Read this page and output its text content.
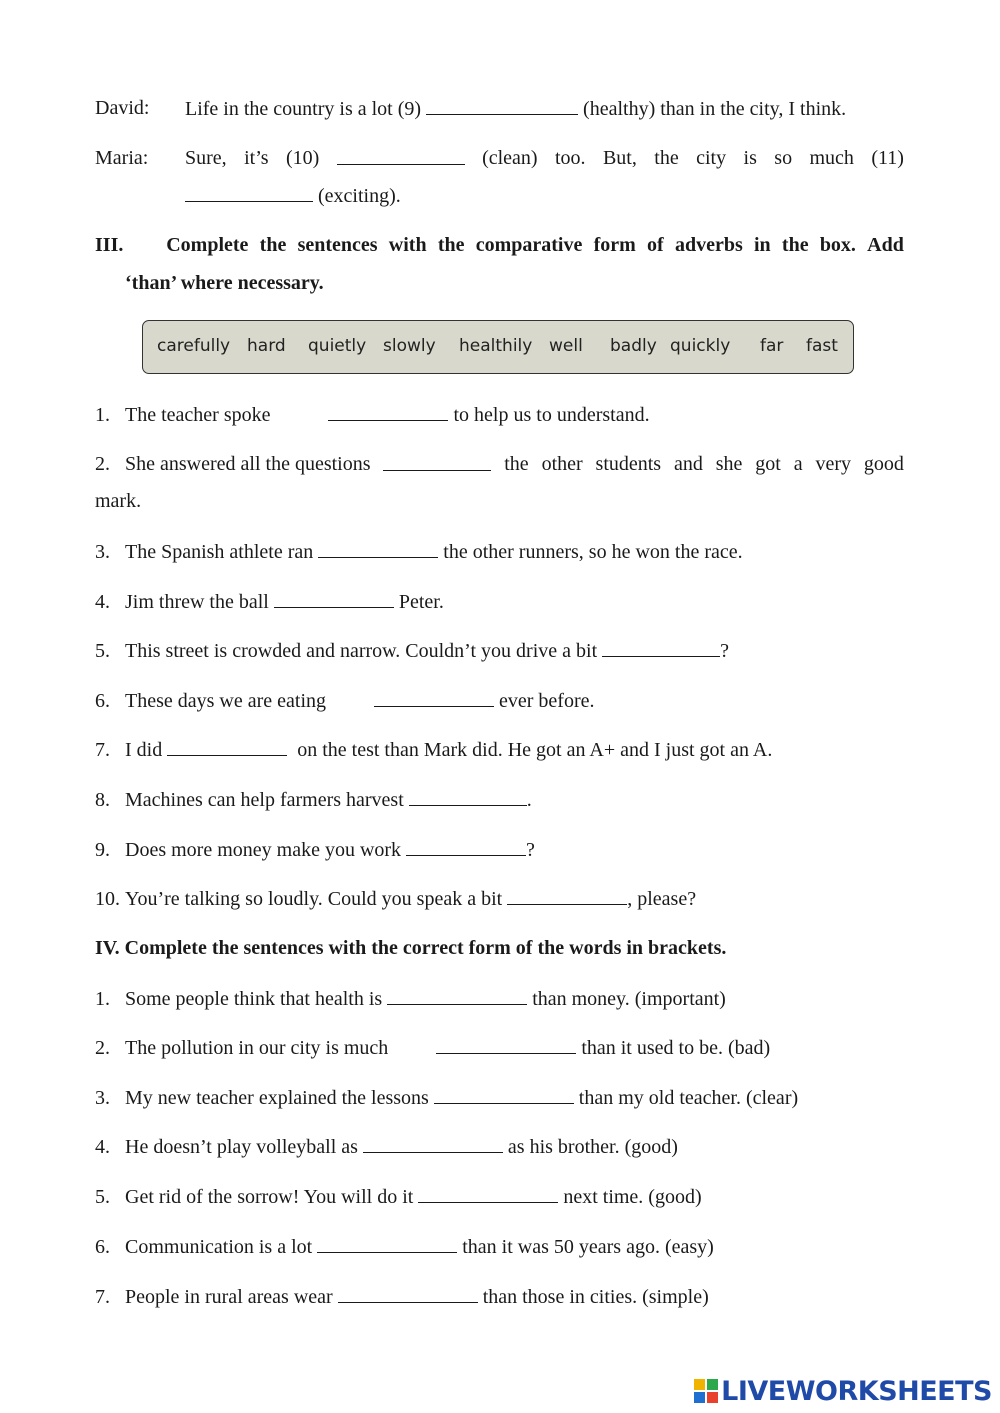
David: Life in the country is a lot (9)	(healthy) than in the city, I think.
Maria: Sure, it’s (10)	(clean) too. But, the city is so much (11)
(exciting).
III.	Complete the sentences with the comparative form of adverbs in the box. Add
‘than’ where necessary.
carefully hard quietly slowly healthily well badly quickly far fast
1. The teacher spoke	to help us to understand.
2. She answered all the questions	the other students and she got a very good
mark.
3. The Spanish athlete ran	the other runners, so he won the race.
4. Jim threw the ball	Peter.
5. This street is crowded and narrow. Couldn’t you drive a bit	?
6. These days we are eating	ever before.
7. I did	on the test than Mark did. He got an A+ and I just got an A.
8. Machines can help farmers harvest	.
9. Does more money make you work	?
10. You’re talking so loudly. Could you speak a bit	, please?
IV. Complete the sentences with the correct form of the words in brackets.
1. Some people think that health is	than money. (important)
2. The pollution in our city is much	than it used to be. (bad)
3. My new teacher explained the lessons	than my old teacher. (clear)
4. He doesn’t play volleyball as	as his brother. (good)
5. Get rid of the sorrow! You will do it	next time. (good)
6. Communication is a lot	than it was 50 years ago. (easy)
7. People in rural areas wear	than those in cities. (simple)
LIVEWORKSHEETS
